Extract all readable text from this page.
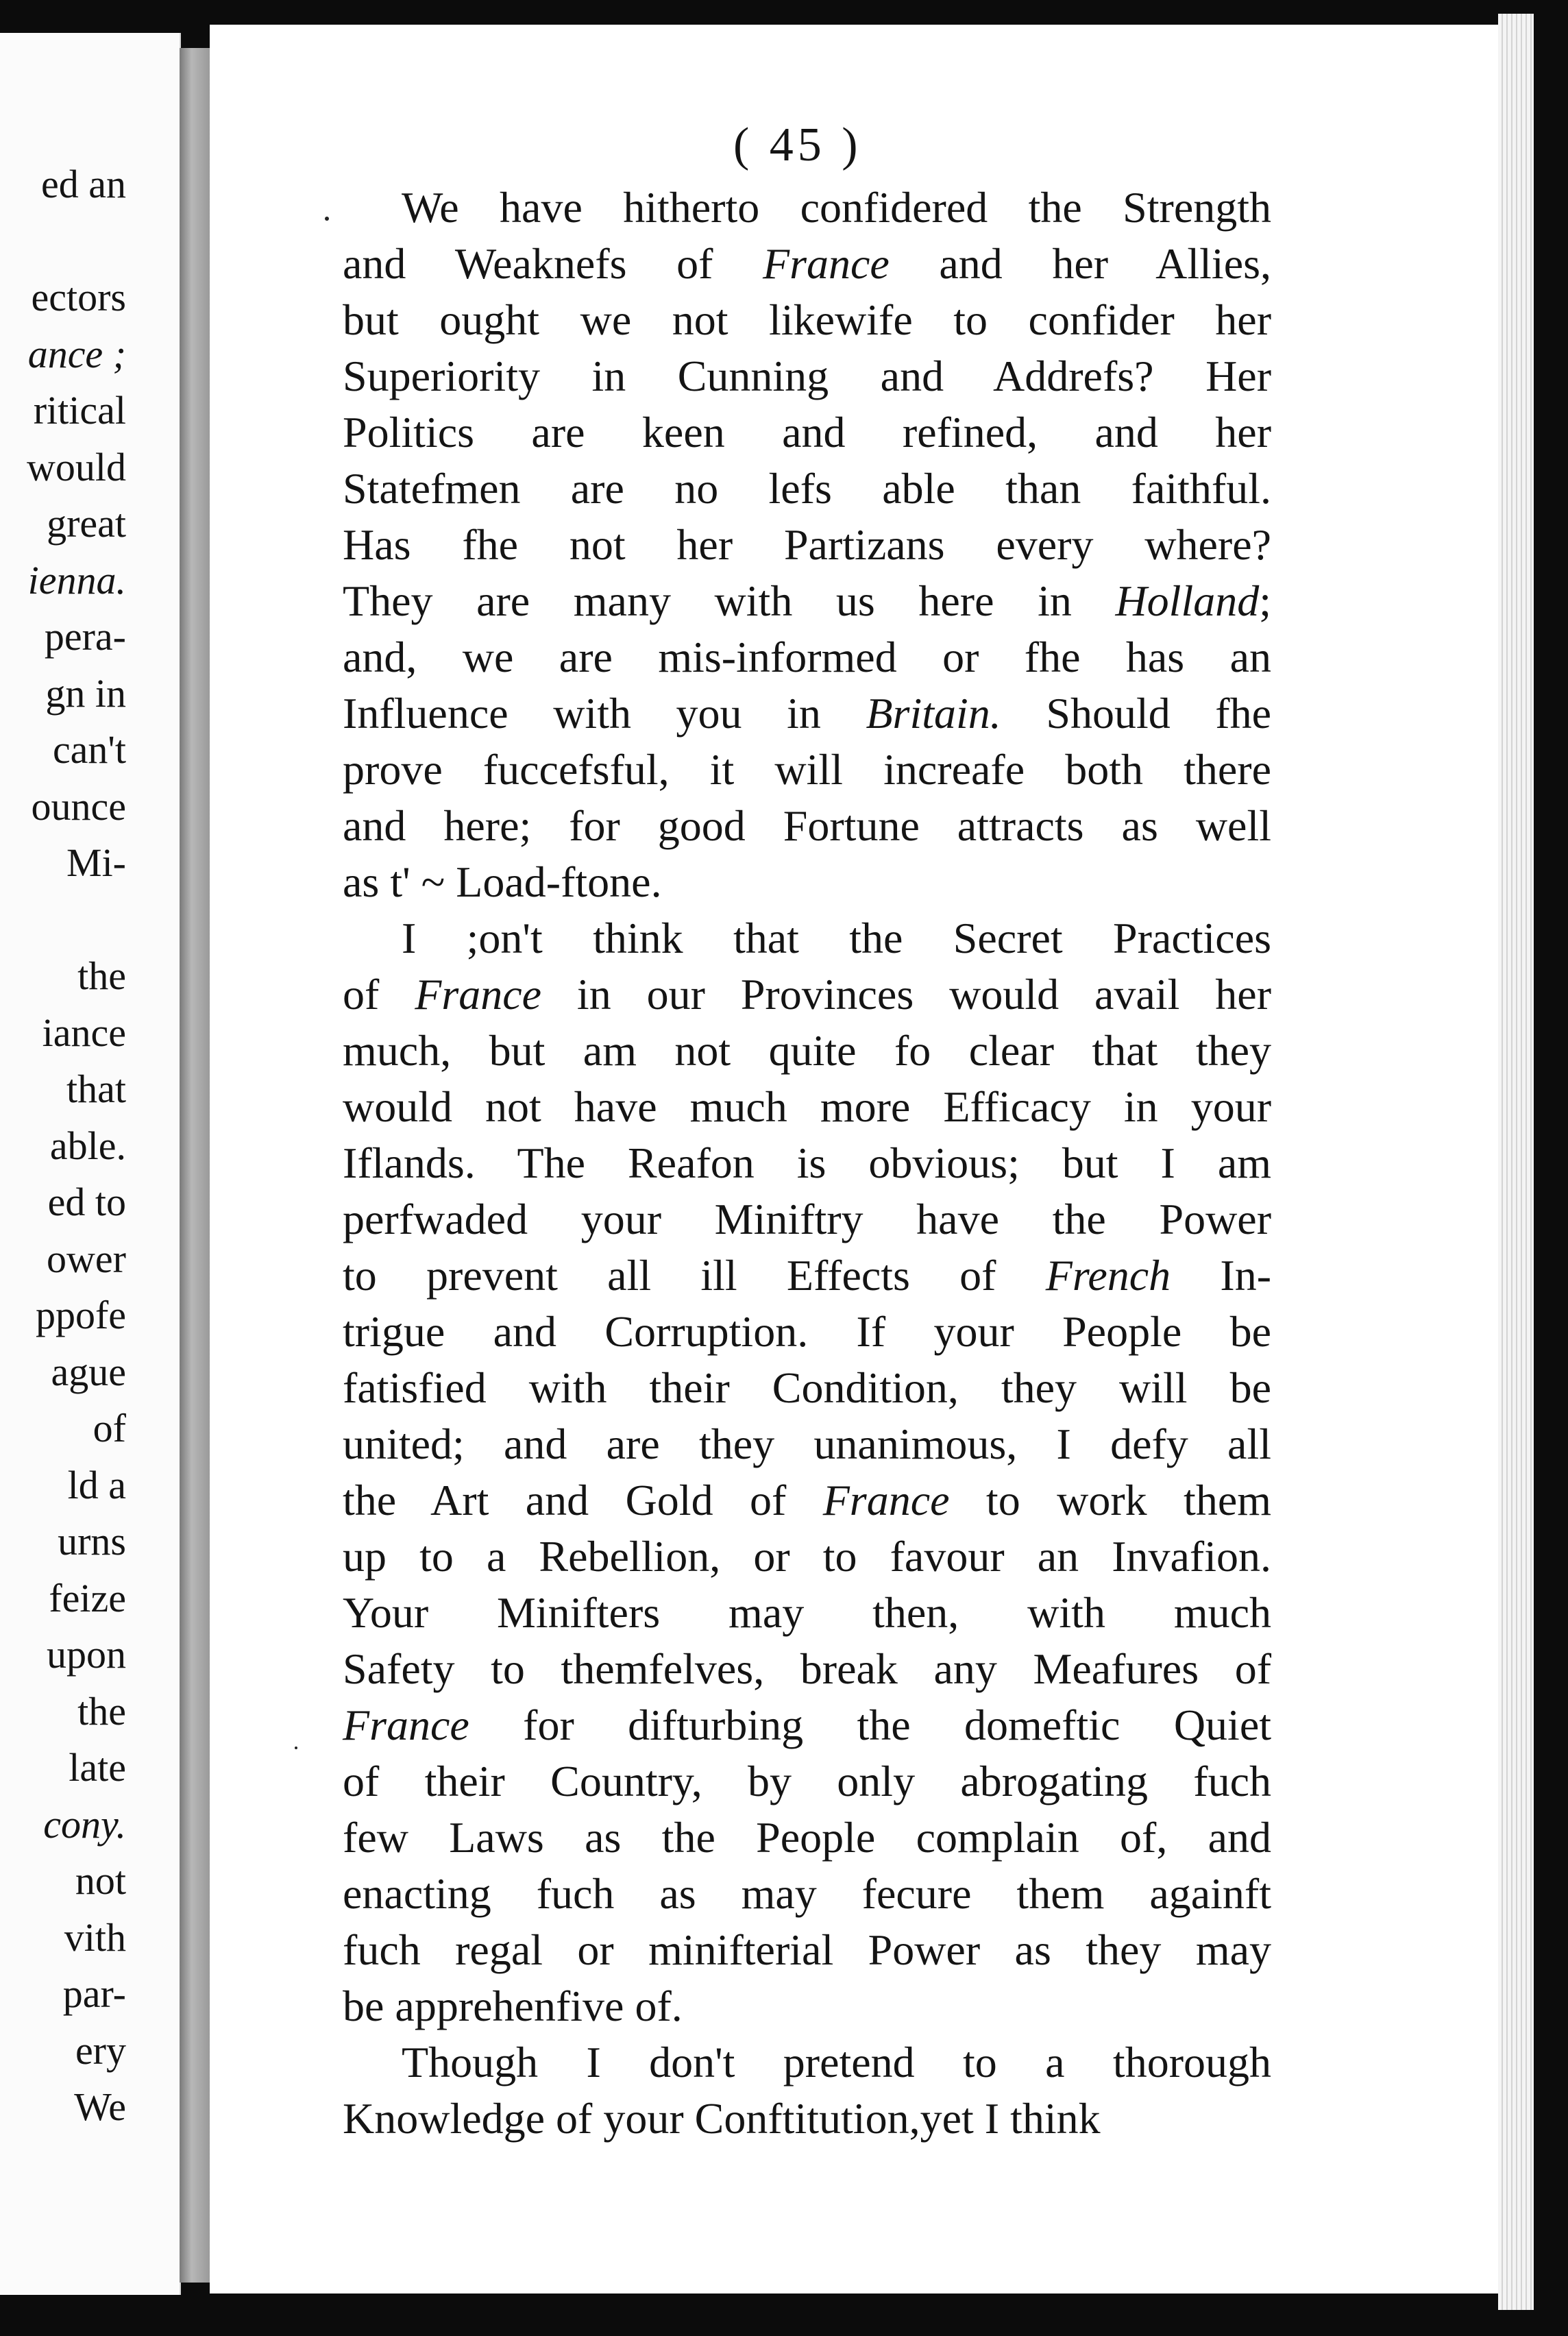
ed an
ectors
ance ;
ritical
would
great
ienna.
pera-
gn in
can't
ounce
Mi-
the
iance
that
able.
ed to
ower
ppofe
ague
of
ld a
urns
feize
upon
the
late
cony.
not
vith
par-
ery
We
( 45 )
We have hitherto confidered the Strength
and Weaknefs of France and her Allies,
but ought we not likewife to confider her
Superiority in Cunning and Addrefs? Her
Politics are keen and refined, and her
Statefmen are no lefs able than faithful.
Has fhe not her Partizans every where?
They are many with us here in Holland;
and, we are mis-informed or fhe has an
Influence with you in Britain. Should fhe
prove fuccefsful, it will increafe both there
and here; for good Fortune attracts as well
as t' ~ Load-ftone.
I ;on't think that the Secret Practices
of France in our Provinces would avail her
much, but am not quite fo clear that they
would not have much more Efficacy in your
Iflands. The Reafon is obvious; but I am
perfwaded your Miniftry have the Power
to prevent all ill Effects of French In-
trigue and Corruption. If your People be
fatisfied with their Condition, they will be
united; and are they unanimous, I defy all
the Art and Gold of France to work them
up to a Rebellion, or to favour an Invafion.
Your Minifters may then, with much
Safety to themfelves, break any Meafures of
France for difturbing the domeftic Quiet
of their Country, by only abrogating fuch
few Laws as the People complain of, and
enacting fuch as may fecure them againft
fuch regal or minifterial Power as they may
be apprehenfive of.
Though I don't pretend to a thorough
Knowledge of your Conftitution,yet I think
